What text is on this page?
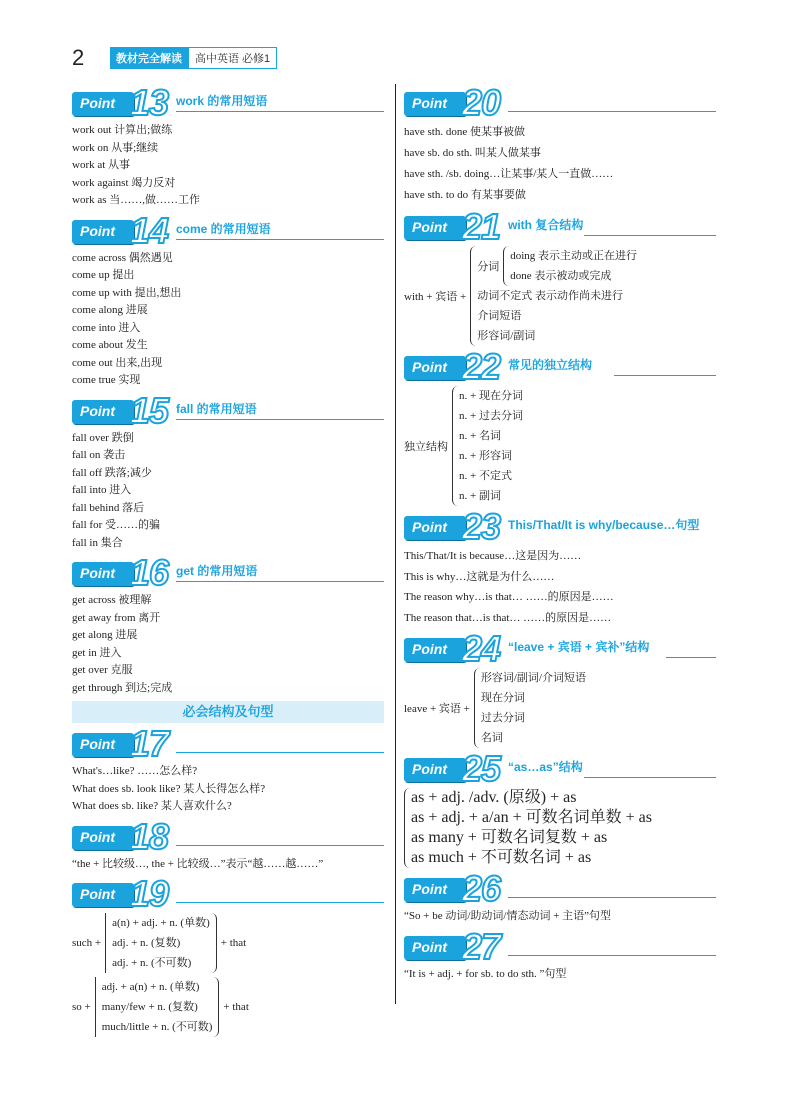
2	教材完全解读	高中英语 必修1
Point 13 work 的常用短语
work out 计算出;做练
work on 从事;继续
work at 从事
work against 竭力反对
work as 当……,做……工作
Point 14 come 的常用短语
come across 偶然遇见
come up 提出
come up with 提出,想出
come along 进展
come into 进入
come about 发生
come out 出来,出现
come true 实现
Point 15 fall 的常用短语
fall over 跌倒
fall on 袭击
fall off 跌落;减少
fall into 进入
fall behind 落后
fall for 受……的骗
fall in 集合
Point 16 get 的常用短语
get across 被理解
get away from 离开
get along 进展
get in 进入
get over 克服
get through 到达;完成
必会结构及句型
Point 17
What's…like? ……怎么样?
What does sb. look like? 某人长得怎么样?
What does sb. like? 某人喜欢什么?
Point 18
“the + 比较级…, the + 比较级…”表示“越……越……”
Point 19
such +
a(n) + adj. + n. (单数)
adj. + n. (复数)
adj. + n. (不可数)
+ that
so +
adj. + a(n) + n. (单数)
many/few + n. (复数)
much/little + n. (不可数)
+ that
Point 20
have sth. done 使某事被做
have sb. do sth. 叫某人做某事
have sth. /sb. doing…让某事/某人一直做……
have sth. to do 有某事要做
Point 21 with 复合结构
with + 宾语 +
分词
doing 表示主动或正在进行
done 表示被动或完成
动词不定式 表示动作尚未进行
介词短语
形容词/副词
Point 22 常见的独立结构
独立结构
n. + 现在分词
n. + 过去分词
n. + 名词
n. + 形容词
n. + 不定式
n. + 副词
Point 23 This/That/It is why/because…句型
This/That/It is because…这是因为……
This is why…这就是为什么……
The reason why…is that… ……的原因是……
The reason that…is that… ……的原因是……
Point 24 “leave + 宾语 + 宾补”结构
leave + 宾语 +
形容词/副词/介词短语
现在分词
过去分词
名词
Point 25 “as…as”结构
as + adj. /adv. (原级) + as
as + adj. + a/an + 可数名词单数 + as
as many + 可数名词复数 + as
as much + 不可数名词 + as
Point 26
“So + be 动词/助动词/情态动词 + 主语”句型
Point 27
“It is + adj. + for sb. to do sth. ”句型
